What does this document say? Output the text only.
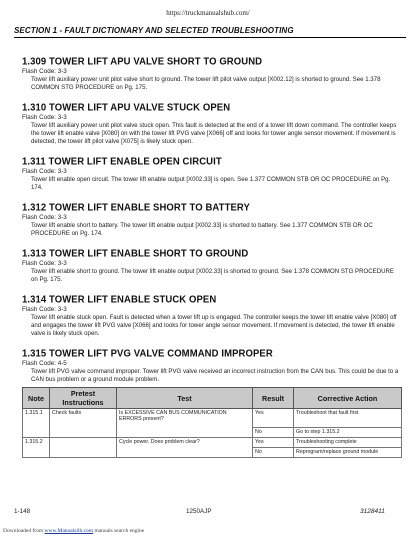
https://truckmanualshub.com/
SECTION 1 - FAULT DICTIONARY AND SELECTED TROUBLESHOOTING
1.309 TOWER LIFT APU VALVE SHORT TO GROUND
Flash Code: 3-3
Tower lift auxiliary power unit pilot valve short to ground. The tower lift pilot valve output [X002.12] is shorted to ground. See 1.378 COMMON STG PROCEDURE on Pg. 175.
1.310 TOWER LIFT APU VALVE STUCK OPEN
Flash Code: 3-3
Tower lift auxiliary power unit pilot valve stuck open. This fault is detected at the end of a tower lift down command. The controller keeps the tower lift enable valve [X080] on with the tower lift PVG valve [X066] off and looks for tower angle sensor movement. If movement is detected, the tower lift pilot valve [X075] is likely stuck open.
1.311 TOWER LIFT ENABLE OPEN CIRCUIT
Flash Code: 3-3
Tower lift enable open circuit. The tower lift enable output [X002.33] is open. See 1.377 COMMON STB OR OC PROCEDURE on Pg. 174.
1.312 TOWER LIFT ENABLE SHORT TO BATTERY
Flash Code: 3-3
Tower lift enable short to battery. The tower lift enable output [X002.33] is shorted to battery. See 1.377 COMMON STB OR OC PROCEDURE on Pg. 174.
1.313 TOWER LIFT ENABLE SHORT TO GROUND
Flash Code: 3-3
Tower lift enable short to ground. The tower lift enable output [X002.33] is shorted to ground. See 1.378 COMMON STG PROCEDURE on Pg. 175.
1.314 TOWER LIFT ENABLE STUCK OPEN
Flash Code: 3-3
Tower lift enable stuck open. Fault is detected when a tower lift up is engaged. The controller keeps the tower lift enable valve [X080] off and engages the tower lift PVG valve [X066] and looks for tower angle sensor movement. If movement is detected, the tower lift enable valve is likely stuck open.
1.315 TOWER LIFT PVG VALVE COMMAND IMPROPER
Flash Code: 4-5
Tower lift PVG valve command improper. Tower lift PVG valve received an incorrect instruction from the CAN bus. This could be due to a CAN bus problem or a ground module problem.
Note	Pretest Instructions	Test	Result	Corrective Action
1.315.1	Check faults	Is EXCESSIVE CAN BUS COMMUNICATION ERRORS present?	Yes	Troubleshoot that fault first
			No	Go to step 1.315.2
1.315.2		Cycle power. Does problem clear?	Yes	Troubleshooting complete
			No	Reprogram/replace ground module
1-148	1250AJP	3128411
Downloaded from www.Manualslib.com manuals search engine
